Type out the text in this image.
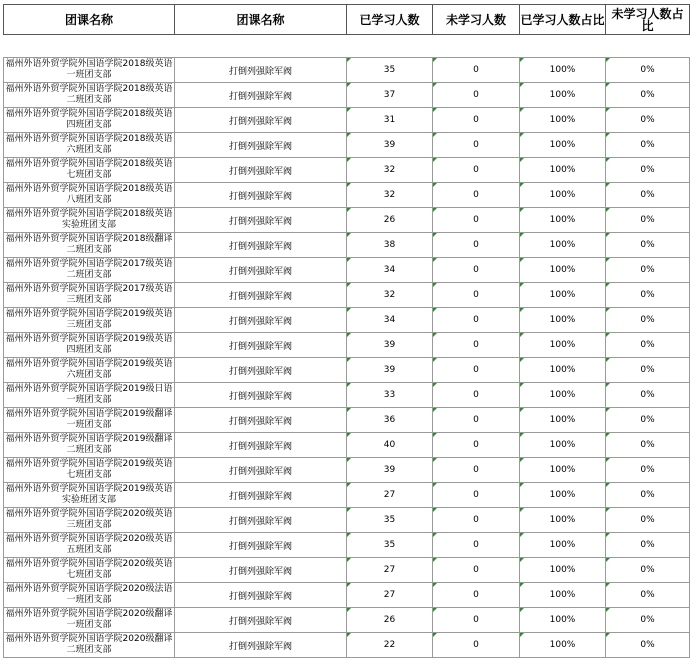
团课名称	团课名称	已学习人数	未学习人数	已学习人数占比	未学习人数占比

福州外语外贸学院外国语学院2018级英语一班团支部	打倒列强除军阀	35	0	100%	0%
福州外语外贸学院外国语学院2018级英语二班团支部	打倒列强除军阀	37	0	100%	0%
福州外语外贸学院外国语学院2018级英语四班团支部	打倒列强除军阀	31	0	100%	0%
福州外语外贸学院外国语学院2018级英语六班团支部	打倒列强除军阀	39	0	100%	0%
福州外语外贸学院外国语学院2018级英语七班团支部	打倒列强除军阀	32	0	100%	0%
福州外语外贸学院外国语学院2018级英语八班团支部	打倒列强除军阀	32	0	100%	0%
福州外语外贸学院外国语学院2018级英语实验班团支部	打倒列强除军阀	26	0	100%	0%
福州外语外贸学院外国语学院2018级翻译二班团支部	打倒列强除军阀	38	0	100%	0%
福州外语外贸学院外国语学院2017级英语二班团支部	打倒列强除军阀	34	0	100%	0%
福州外语外贸学院外国语学院2017级英语三班团支部	打倒列强除军阀	32	0	100%	0%
福州外语外贸学院外国语学院2019级英语三班团支部	打倒列强除军阀	34	0	100%	0%
福州外语外贸学院外国语学院2019级英语四班团支部	打倒列强除军阀	39	0	100%	0%
福州外语外贸学院外国语学院2019级英语六班团支部	打倒列强除军阀	39	0	100%	0%
福州外语外贸学院外国语学院2019级日语一班团支部	打倒列强除军阀	33	0	100%	0%
福州外语外贸学院外国语学院2019级翻译一班团支部	打倒列强除军阀	36	0	100%	0%
福州外语外贸学院外国语学院2019级翻译二班团支部	打倒列强除军阀	40	0	100%	0%
福州外语外贸学院外国语学院2019级英语七班团支部	打倒列强除军阀	39	0	100%	0%
福州外语外贸学院外国语学院2019级英语实验班团支部	打倒列强除军阀	27	0	100%	0%
福州外语外贸学院外国语学院2020级英语三班团支部	打倒列强除军阀	35	0	100%	0%
福州外语外贸学院外国语学院2020级英语五班团支部	打倒列强除军阀	35	0	100%	0%
福州外语外贸学院外国语学院2020级英语七班团支部	打倒列强除军阀	27	0	100%	0%
福州外语外贸学院外国语学院2020级法语一班团支部	打倒列强除军阀	27	0	100%	0%
福州外语外贸学院外国语学院2020级翻译一班团支部	打倒列强除军阀	26	0	100%	0%
福州外语外贸学院外国语学院2020级翻译二班团支部	打倒列强除军阀	22	0	100%	0%
